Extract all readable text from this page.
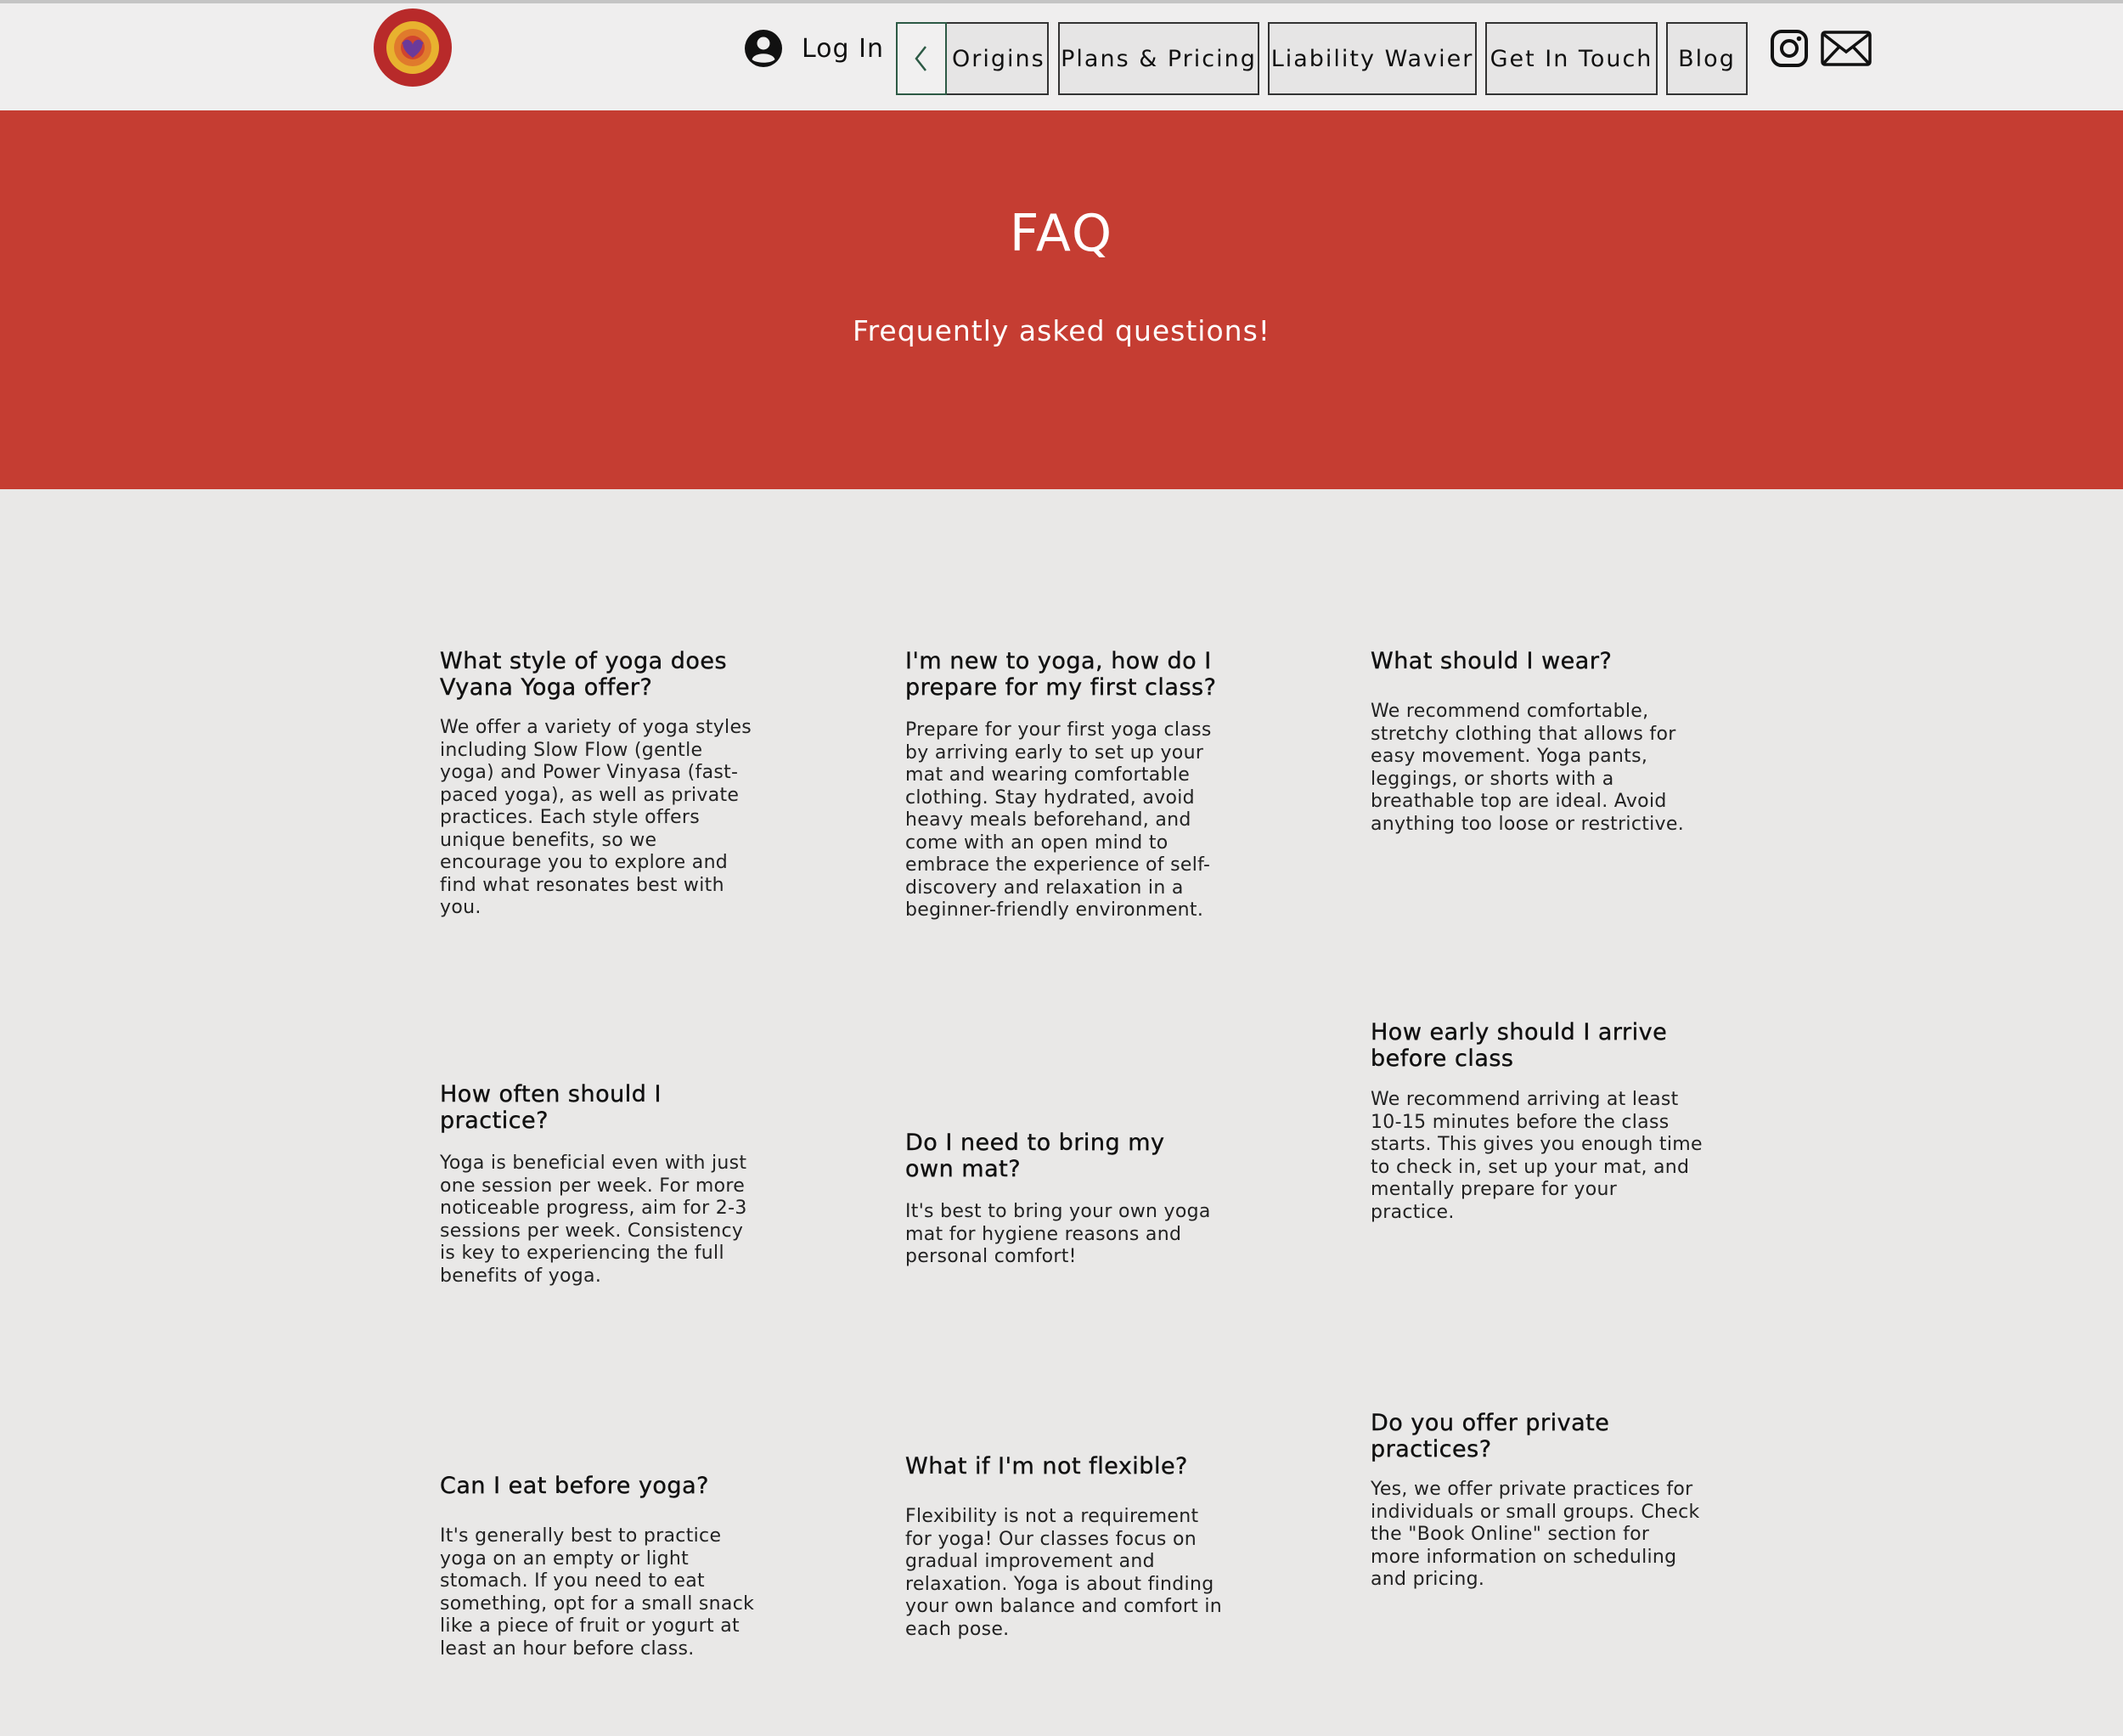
Log In	Origins Plans & Pricing Liability Wavier Get In Touch Blog
FAQ

Frequently asked questions!

What style of yoga does Vyana Yoga offer?

We offer a variety of yoga styles including Slow Flow (gentle yoga) and Power Vinyasa (fast-paced yoga), as well as private practices. Each style offers unique benefits, so we encourage you to explore and find what resonates best with you.

I'm new to yoga, how do I prepare for my first class?

Prepare for your first yoga class by arriving early to set up your mat and wearing comfortable clothing. Stay hydrated, avoid heavy meals beforehand, and come with an open mind to embrace the experience of self-discovery and relaxation in a beginner-friendly environment.

What should I wear?

We recommend comfortable, stretchy clothing that allows for easy movement. Yoga pants, leggings, or shorts with a breathable top are ideal. Avoid anything too loose or restrictive.

How often should I practice?

Yoga is beneficial even with just one session per week. For more noticeable progress, aim for 2-3 sessions per week. Consistency is key to experiencing the full benefits of yoga.

Do I need to bring my own mat?

It's best to bring your own yoga mat for hygiene reasons and personal comfort!

How early should I arrive before class

We recommend arriving at least 10-15 minutes before the class starts. This gives you enough time to check in, set up your mat, and mentally prepare for your practice.

Can I eat before yoga?

It's generally best to practice yoga on an empty or light stomach. If you need to eat something, opt for a small snack like a piece of fruit or yogurt at least an hour before class.

What if I'm not flexible?

Flexibility is not a requirement for yoga! Our classes focus on gradual improvement and relaxation. Yoga is about finding your own balance and comfort in each pose.

Do you offer private practices?

Yes, we offer private practices for individuals or small groups. Check the "Book Online" section for more information on scheduling and pricing.
